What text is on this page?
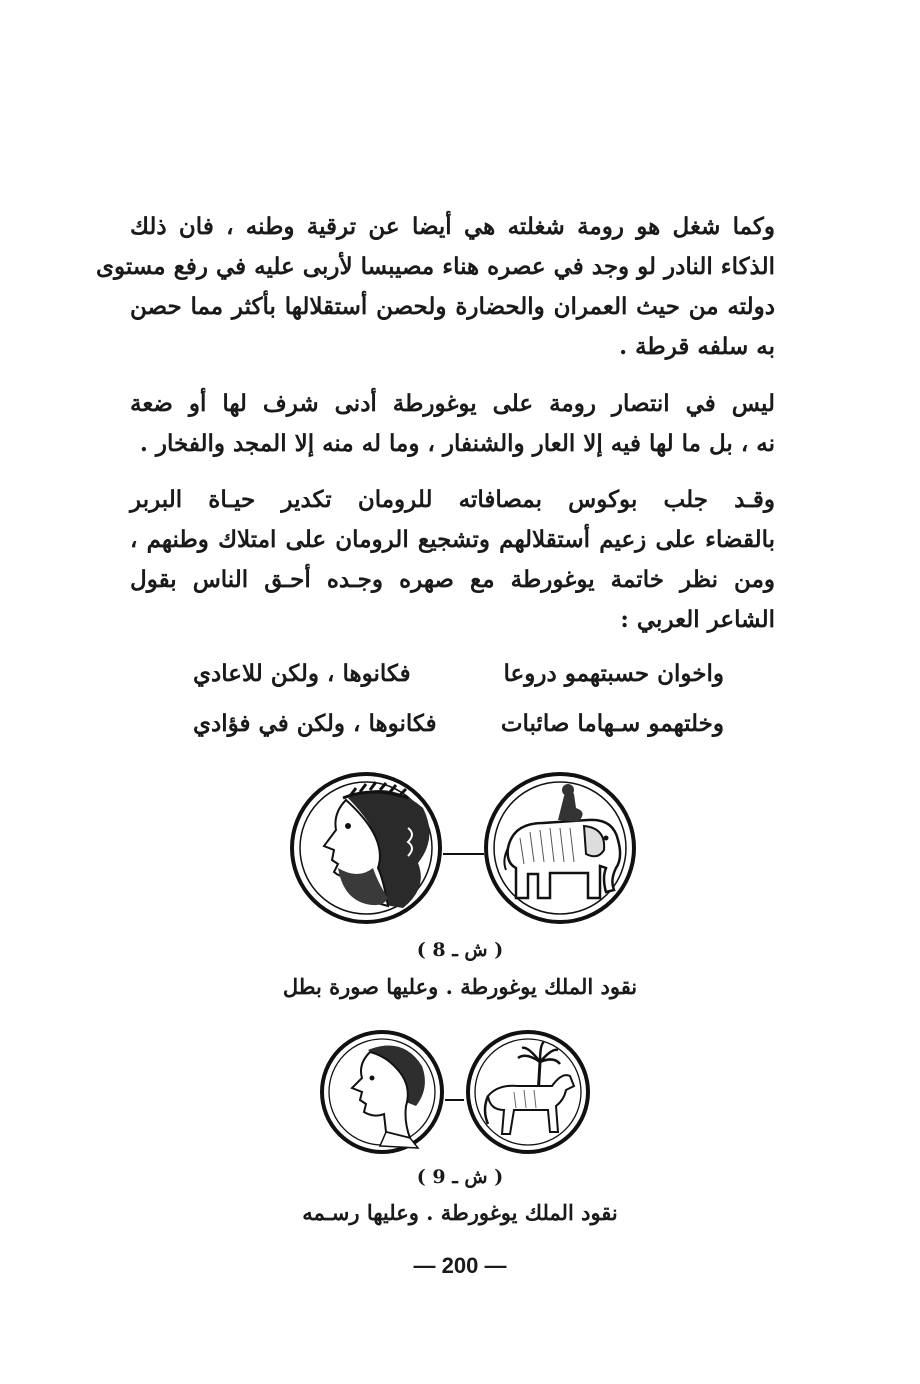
وكما شغل هو رومة شغلته هي أيضا عن ترقية وطنه ، فان ذلك
الذكاء النادر لو وجد في عصره هناء مصيبسا لأربى عليه في رفع مستوى
دولته من حيث العمران والحضارة ولحصن أستقلالها بأكثر مما حصن
به سلفه قرطة .
ليس في انتصار رومة على يوغورطة أدنى شرف لها أو ضعة
نه ، بل ما لها فيه إلا العار والشنفار ، وما له منه إلا المجد والفخار .
وقـد جلب بوكوس بمصافاته للرومان تكدير حيـاة البربر
بالقضاء على زعيم أستقلالهم وتشجيع الرومان على امتلاك وطنهم ،
ومن نظر خاتمة يوغورطة مع صهره وجـده أحـق الناس بقول
الشاعر العربي :
واخوان حسبتهمو دروعا
فكانوها ، ولكن للاعادي
وخلتهمو سـهاما صائبات
فكانوها ، ولكن في فؤادي
( ش ـ 8 )
نقود الملك يوغورطة . وعليها صورة بطل
( ش ـ 9 )
نقود الملك يوغورطة . وعليها رسـمه
— 200 —
